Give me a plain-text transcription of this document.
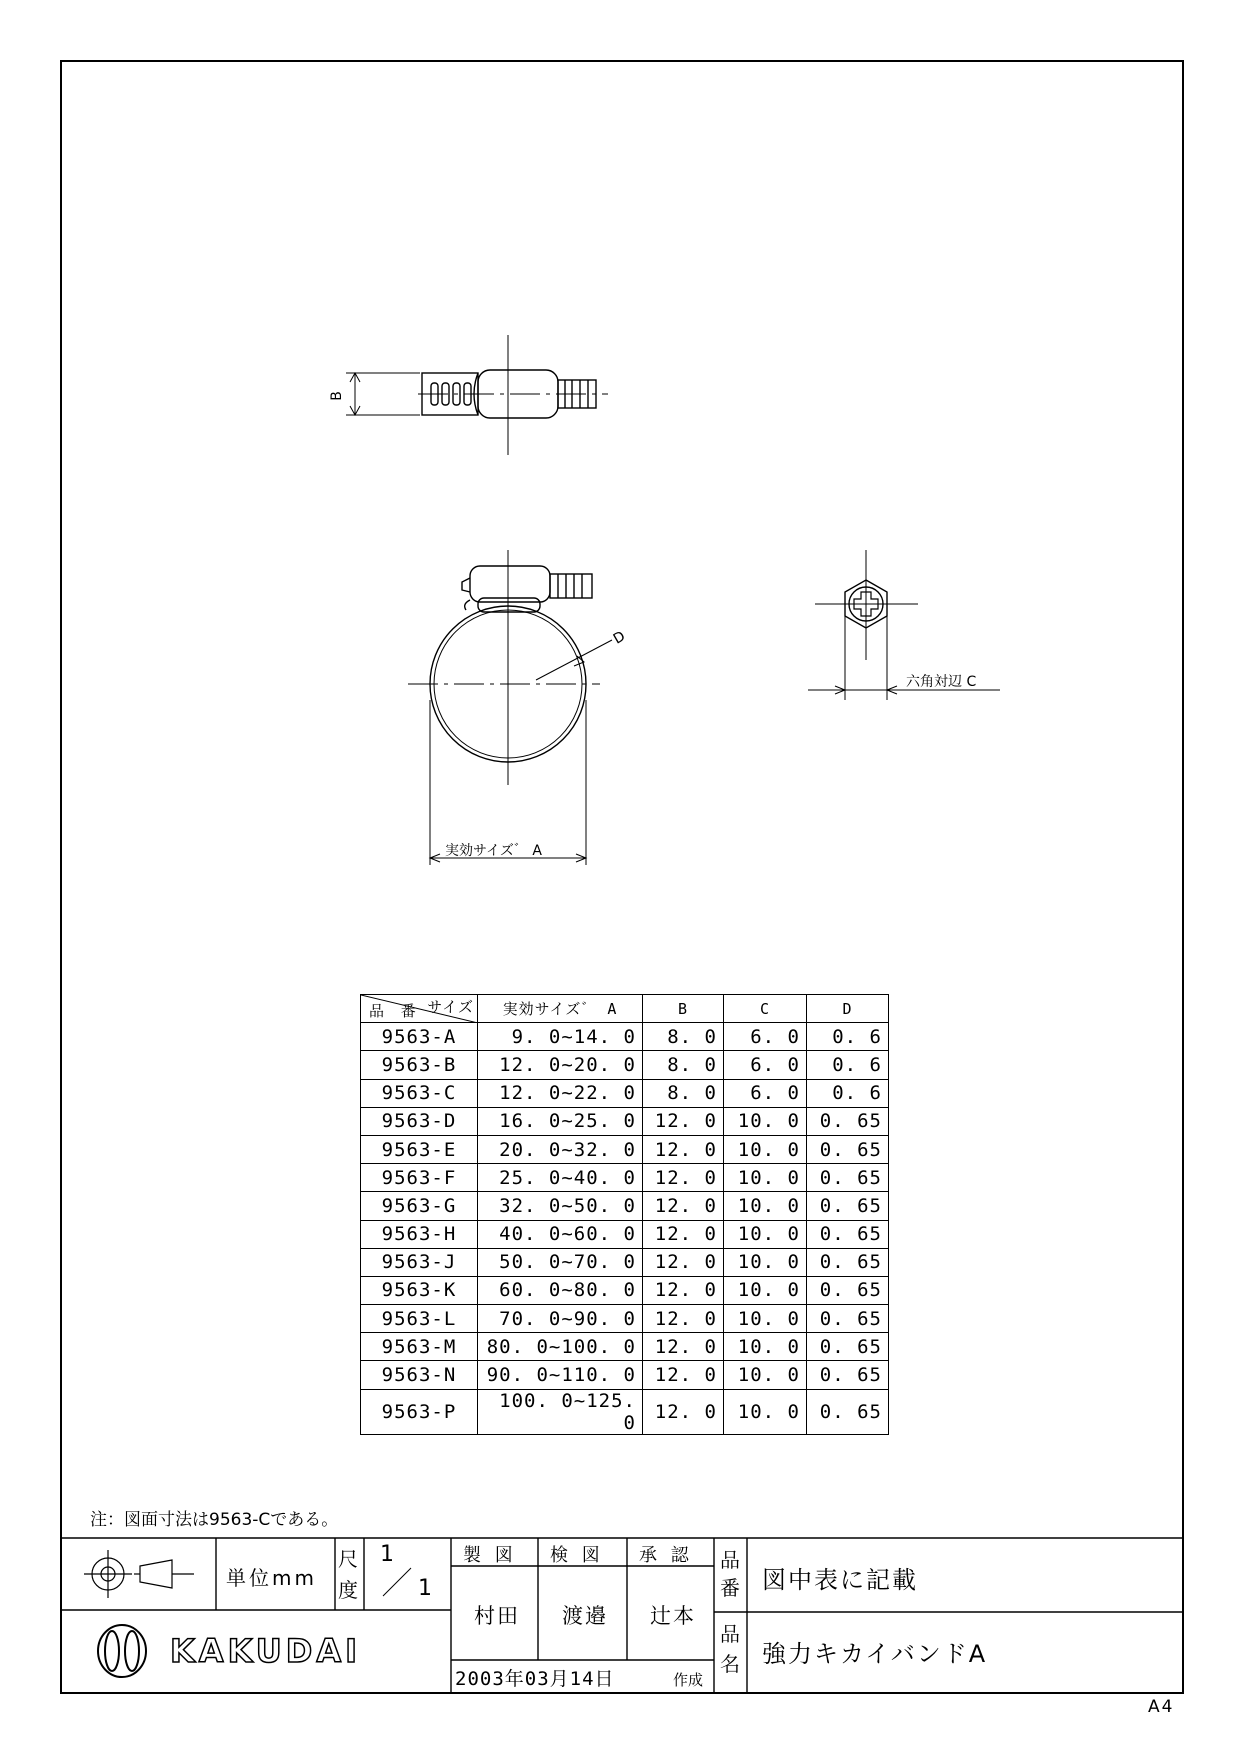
B
D
実効サイズ゛ A
六角対辺 C
サイズ
品 番	実効サイズ゛ A	B	C	D
9563-A	9. 0~14. 0	8. 0	6. 0	0. 6
9563-B	12. 0~20. 0	8. 0	6. 0	0. 6
9563-C	12. 0~22. 0	8. 0	6. 0	0. 6
9563-D	16. 0~25. 0	12. 0	10. 0	0. 65
9563-E	20. 0~32. 0	12. 0	10. 0	0. 65
9563-F	25. 0~40. 0	12. 0	10. 0	0. 65
9563-G	32. 0~50. 0	12. 0	10. 0	0. 65
9563-H	40. 0~60. 0	12. 0	10. 0	0. 65
9563-J	50. 0~70. 0	12. 0	10. 0	0. 65
9563-K	60. 0~80. 0	12. 0	10. 0	0. 65
9563-L	70. 0~90. 0	12. 0	10. 0	0. 65
9563-M	80. 0~100. 0	12. 0	10. 0	0. 65
9563-N	90. 0~110. 0	12. 0	10. 0	0. 65
9563-P	100. 0~125. 0	12. 0	10. 0	0. 65
注：図面寸法は9563-Cである。
単位mm
尺
度
1
1
製 図 検 図 承 認
村田 渡邉 辻本
品
番 図中表に記載
品
名 強力キカイバンドA
2003年03月14日	作成
KAKUDAI
A4
